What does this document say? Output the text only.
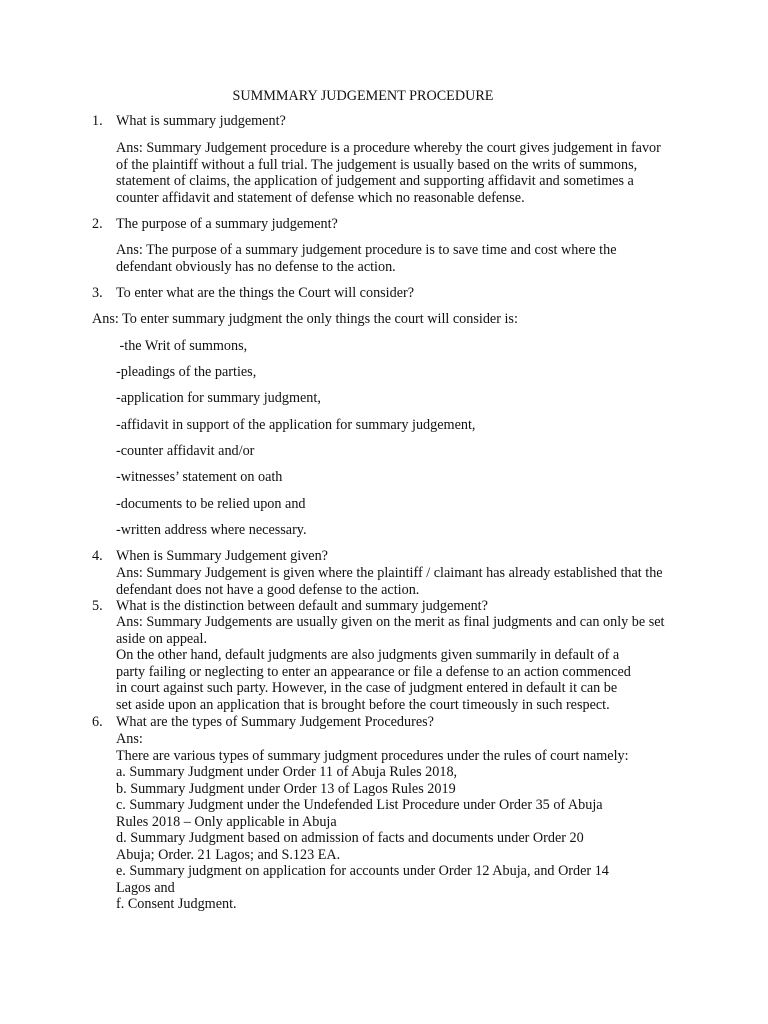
SUMMMARY JUDGEMENT PROCEDURE
1. What is summary judgement?
Ans: Summary Judgement procedure is a procedure whereby the court gives judgement in favor
of the plaintiff without a full trial. The judgement is usually based on the writs of summons,
statement of claims, the application of judgement and supporting affidavit and sometimes a
counter affidavit and statement of defense which no reasonable defense.
2. The purpose of a summary judgement?
Ans: The purpose of a summary judgement procedure is to save time and cost where the
defendant obviously has no defense to the action.
3. To enter what are the things the Court will consider?
Ans: To enter summary judgment the only things the court will consider is:
-the Writ of summons,
-pleadings of the parties,
-application for summary judgment,
-affidavit in support of the application for summary judgement,
-counter affidavit and/or
-witnesses’ statement on oath
-documents to be relied upon and
-written address where necessary.
4. When is Summary Judgement given?
Ans: Summary Judgement is given where the plaintiff / claimant has already established that the
defendant does not have a good defense to the action.
5. What is the distinction between default and summary judgement?
Ans: Summary Judgements are usually given on the merit as final judgments and can only be set
aside on appeal.
On the other hand, default judgments are also judgments given summarily in default of a
party failing or neglecting to enter an appearance or file a defense to an action commenced
in court against such party. However, in the case of judgment entered in default it can be
set aside upon an application that is brought before the court timeously in such respect.
6. What are the types of Summary Judgement Procedures?
Ans:
There are various types of summary judgment procedures under the rules of court namely:
a. Summary Judgment under Order 11 of Abuja Rules 2018,
b. Summary Judgment under Order 13 of Lagos Rules 2019
c. Summary Judgment under the Undefended List Procedure under Order 35 of Abuja
Rules 2018 – Only applicable in Abuja
d. Summary Judgment based on admission of facts and documents under Order 20
Abuja; Order. 21 Lagos; and S.123 EA.
e. Summary judgment on application for accounts under Order 12 Abuja, and Order 14
Lagos and
f. Consent Judgment.
